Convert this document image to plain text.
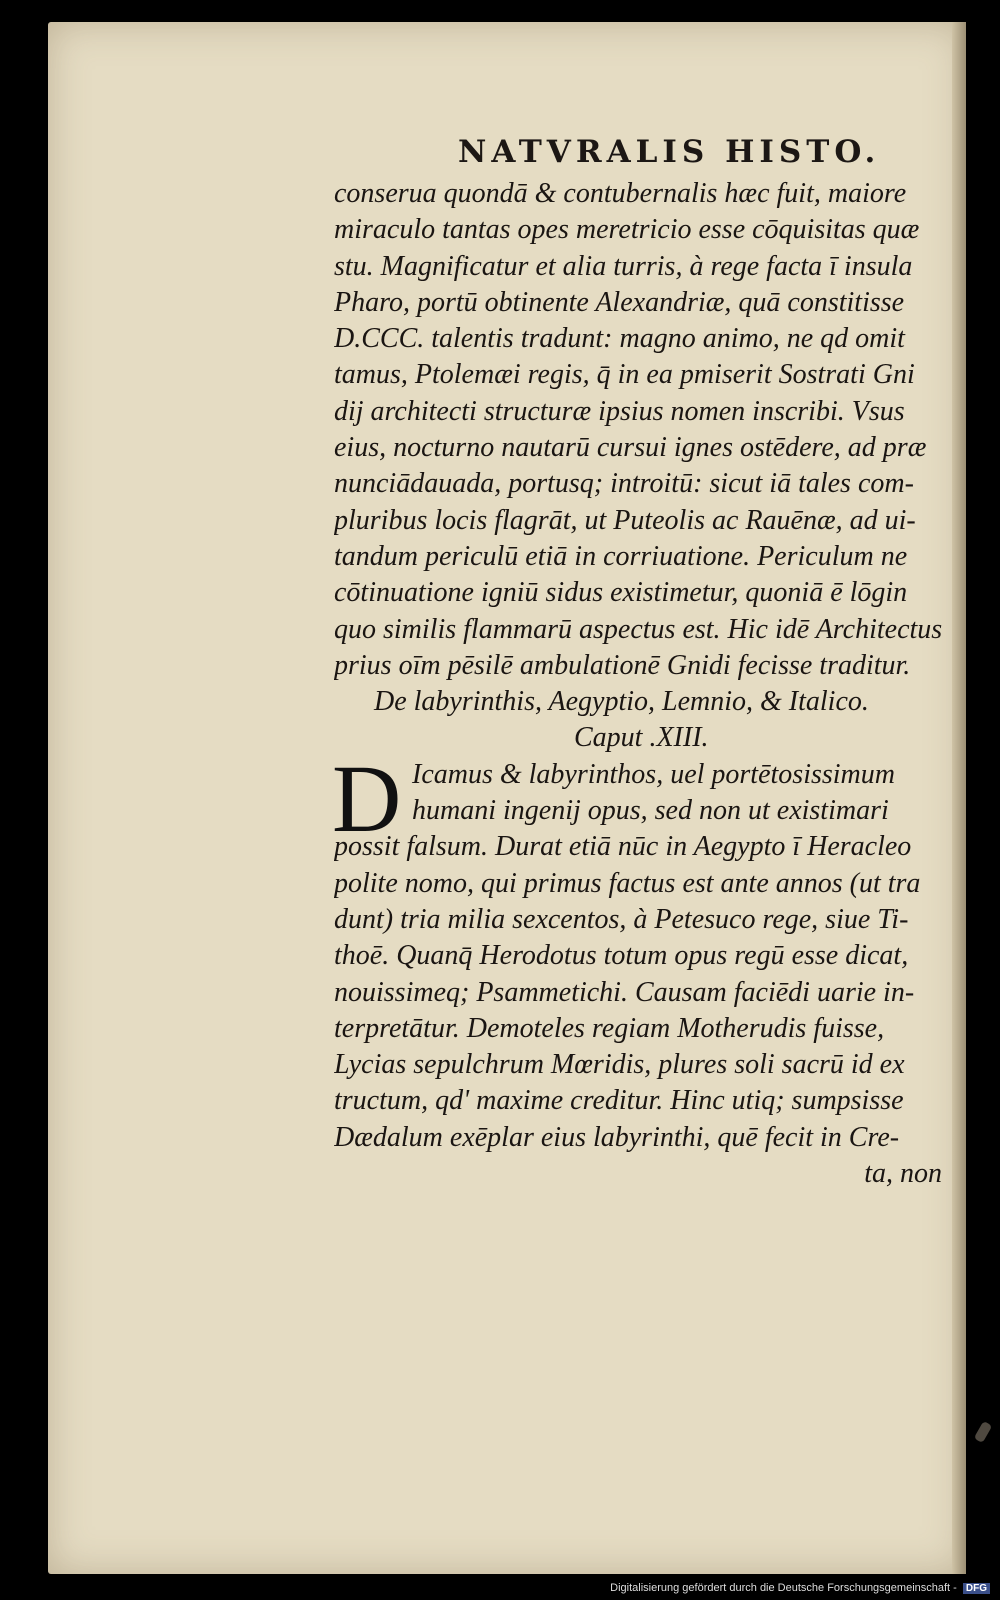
NATVRALIS HISTO.
conserua quondā & contubernalis hæc fuit, maiore
miraculo tantas opes meretricio esse cōquisitas quæ
stu. Magnificatur et alia turris, à rege facta ī insula
Pharo, portū obtinente Alexandriæ, quā constitisse
D.CCC. talentis tradunt: magno animo, ne qd omit
tamus, Ptolemæi regis, q̄ in ea pmiserit Sostrati Gni
dij architecti structuræ ipsius nomen inscribi. Vsus
eius, nocturno nautarū cursui ignes ostēdere, ad præ
nunciādauada, portusq; introitū: sicut iā tales com-
pluribus locis flagrāt, ut Puteolis ac Rauēnæ, ad ui-
tandum periculū etiā in corriuatione. Periculum ne
cōtinuatione igniū sidus existimetur, quoniā ē lōgin
quo similis flammarū aspectus est. Hic idē Architectus
prius oīm pēsilē ambulationē Gnidi fecisse traditur.
De labyrinthis, Aegyptio, Lemnio, & Italico.
Caput .XIII.
D Icamus & labyrinthos, uel portētosissimum
humani ingenij opus, sed non ut existimari
possit falsum. Durat etiā nūc in Aegypto ī Heracleo
polite nomo, qui primus factus est ante annos (ut tra
dunt) tria milia sexcentos, à Petesuco rege, siue Ti-
thoē. Quanq̄ Herodotus totum opus regū esse dicat,
nouissimeq; Psammetichi. Causam faciēdi uarie in-
terpretātur. Demoteles regiam Motherudis fuisse,
Lycias sepulchrum Mœridis, plures soli sacrū id ex
tructum, qd' maxime creditur. Hinc utiq; sumpsisse
Dædalum exēplar eius labyrinthi, quē fecit in Cre-
ta, non
Digitalisierung gefördert durch die Deutsche Forschungsgemeinschaft - DFG
